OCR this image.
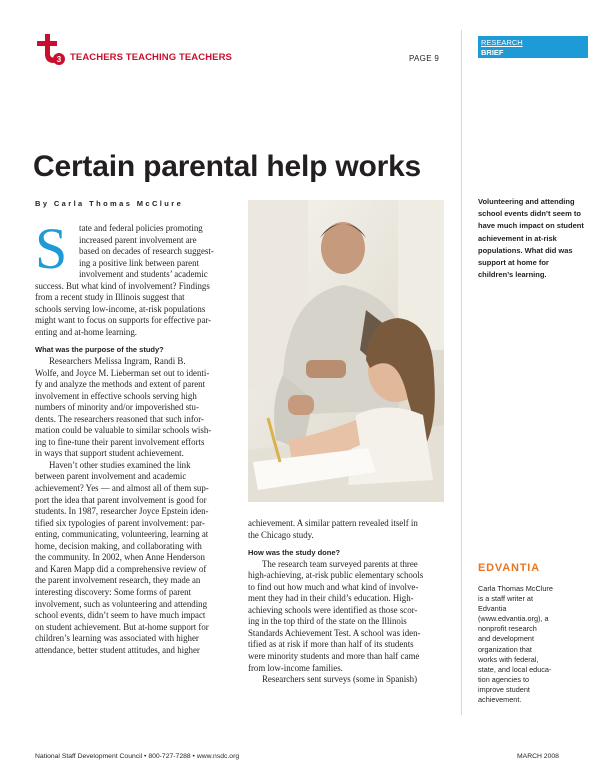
3 TEACHERS TEACHING TEACHERS	PAGE 9
RESEARCH
BRIEF
Certain parental help works
By Carla Thomas McClure	Volunteering and attending school events didn’t seem to have much impact on student achievement in at-risk populations. What did was support at home for children’s learning.
S	tate and federal policies promoting
increased parent involvement are
based on decades of research suggest-
ing a positive link between parent
involvement and students’ academic
success. But what kind of involvement? Findings
from a recent study in Illinois suggest that
schools serving low-income, at-risk populations
might want to focus on supports for effective par-
enting and at-home learning.
What was the purpose of the study?
Researchers Melissa Ingram, Randi B.
Wolfe, and Joyce M. Lieberman set out to identi-
fy and analyze the methods and extent of parent
involvement in effective schools serving high
numbers of minority and/or impoverished stu-
dents. The researchers reasoned that such infor-
mation could be valuable to similar schools wish-
ing to fine-tune their parent involvement efforts
in ways that support student achievement.
Haven’t other studies examined the link
between parent involvement and academic
achievement? Yes — and almost all of them sup-
port the idea that parent involvement is good for
students. In 1987, researcher Joyce Epstein iden-
tified six typologies of parent involvement: par-
enting, communicating, volunteering, learning at
home, decision making, and collaborating with
the community. In 2002, when Anne Henderson
and Karen Mapp did a comprehensive review of
the parent involvement research, they made an
interesting discovery: Some forms of parent
involvement, such as volunteering and attending
school events, didn’t seem to have much impact
on student achievement. But at-home support for
children’s learning was associated with higher
attendance, better student attitudes, and higher
achievement. A similar pattern revealed itself in
the Chicago study.
How was the study done?
The research team surveyed parents at three
high-achieving, at-risk public elementary schools
to find out how much and what kind of involve-
ment they had in their child’s education. High-
achieving schools were identified as those scor-
ing in the top third of the state on the Illinois
Standards Achievement Test. A school was iden-
tified as at risk if more than half of its students
were minority students and more than half came
from low-income families.
Researchers sent surveys (some in Spanish)
EDVANTIA
Carla Thomas McClure
is a staff writer at
Edvantia
(www.edvantia.org), a
nonprofit research
and development
organization that
works with federal,
state, and local educa-
tion agencies to
improve student
achievement.
National Staff Development Council • 800-727-7288 • www.nsdc.org	MARCH 2008
